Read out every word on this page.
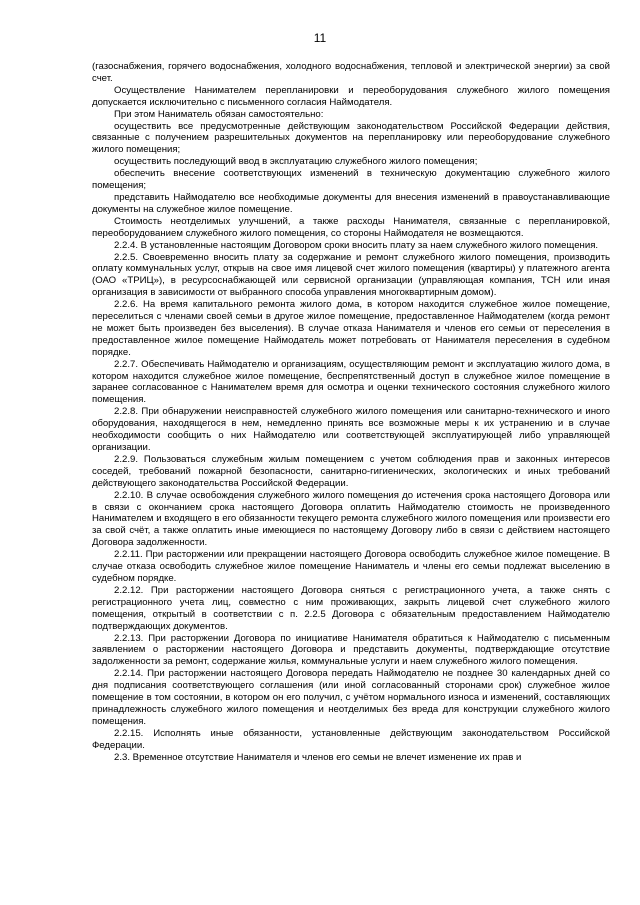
11

(газоснабжения, горячего водоснабжения, холодного водоснабжения, тепловой и электрической энергии) за свой счет.

Осуществление Нанимателем перепланировки и переоборудования служебного жилого помещения допускается исключительно с письменного согласия Наймодателя.

При этом Наниматель обязан самостоятельно:

осуществить все предусмотренные действующим законодательством Российской Федерации действия, связанные с получением разрешительных документов на перепланировку или переоборудование служебного жилого помещения;

осуществить последующий ввод в эксплуатацию служебного жилого помещения;

обеспечить внесение соответствующих изменений в техническую документацию служебного жилого помещения;

представить Наймодателю все необходимые документы для внесения изменений в правоустанавливающие документы на служебное жилое помещение.

Стоимость неотделимых улучшений, а также расходы Нанимателя, связанные с перепланировкой, переоборудованием служебного жилого помещения, со стороны Наймодателя не возмещаются.

2.2.4. В установленные настоящим Договором сроки вносить плату за наем служебного жилого помещения.

2.2.5. Своевременно вносить плату за содержание и ремонт служебного жилого помещения, производить оплату коммунальных услуг, открыв на свое имя лицевой счет жилого помещения (квартиры) у платежного агента (ОАО «ТРИЦ»), в ресурсоснабжающей или сервисной организации (управляющая компания, ТСН или иная организация в зависимости от выбранного способа управления многоквартирным домом).

2.2.6. На время капитального ремонта жилого дома, в котором находится служебное жилое помещение, переселиться с членами своей семьи в другое жилое помещение, предоставленное Наймодателем (когда ремонт не может быть произведен без выселения). В случае отказа Нанимателя и членов его семьи от переселения в предоставленное жилое помещение Наймодатель может потребовать от Нанимателя переселения в судебном порядке.

2.2.7. Обеспечивать Наймодателю и организациям, осуществляющим ремонт и эксплуатацию жилого дома, в котором находится служебное жилое помещение, беспрепятственный доступ в служебное жилое помещение в заранее согласованное с Нанимателем время для осмотра и оценки технического состояния служебного жилого помещения.

2.2.8. При обнаружении неисправностей служебного жилого помещения или санитарно-технического и иного оборудования, находящегося в нем, немедленно принять все возможные меры к их устранению и в случае необходимости сообщить о них Наймодателю или соответствующей эксплуатирующей либо управляющей организации.

2.2.9. Пользоваться служебным жилым помещением с учетом соблюдения прав и законных интересов соседей, требований пожарной безопасности, санитарно-гигиенических, экологических и иных требований действующего законодательства Российской Федерации.

2.2.10. В случае освобождения служебного жилого помещения до истечения срока настоящего Договора или в связи с окончанием срока настоящего Договора оплатить Наймодателю стоимость не произведенного Нанимателем и входящего в его обязанности текущего ремонта служебного жилого помещения или произвести его за свой счёт, а также оплатить иные имеющиеся по настоящему Договору либо в связи с действием настоящего Договора задолженности.

2.2.11. При расторжении или прекращении настоящего Договора освободить служебное жилое помещение. В случае отказа освободить служебное жилое помещение Наниматель и члены его семьи подлежат выселению в судебном порядке.

2.2.12. При расторжении настоящего Договора сняться с регистрационного учета, а также снять с регистрационного учета лиц, совместно с ним проживающих, закрыть лицевой счет служебного жилого помещения, открытый в соответствии с п. 2.2.5 Договора с обязательным предоставлением Наймодателю подтверждающих документов.

2.2.13. При расторжении Договора по инициативе Нанимателя обратиться к Наймодателю с письменным заявлением о расторжении настоящего Договора и представить документы, подтверждающие отсутствие задолженности за ремонт, содержание жилья, коммунальные услуги и наем служебного жилого помещения.

2.2.14. При расторжении настоящего Договора передать Наймодателю не позднее 30 календарных дней со дня подписания соответствующего соглашения (или иной согласованный сторонами срок) служебное жилое помещение в том состоянии, в котором он его получил, с учётом нормального износа и изменений, составляющих принадлежность служебного жилого помещения и неотделимых без вреда для конструкции служебного жилого помещения.

2.2.15. Исполнять иные обязанности, установленные действующим законодательством Российской Федерации.

2.3. Временное отсутствие Нанимателя и членов его семьи не влечет изменение их прав и
